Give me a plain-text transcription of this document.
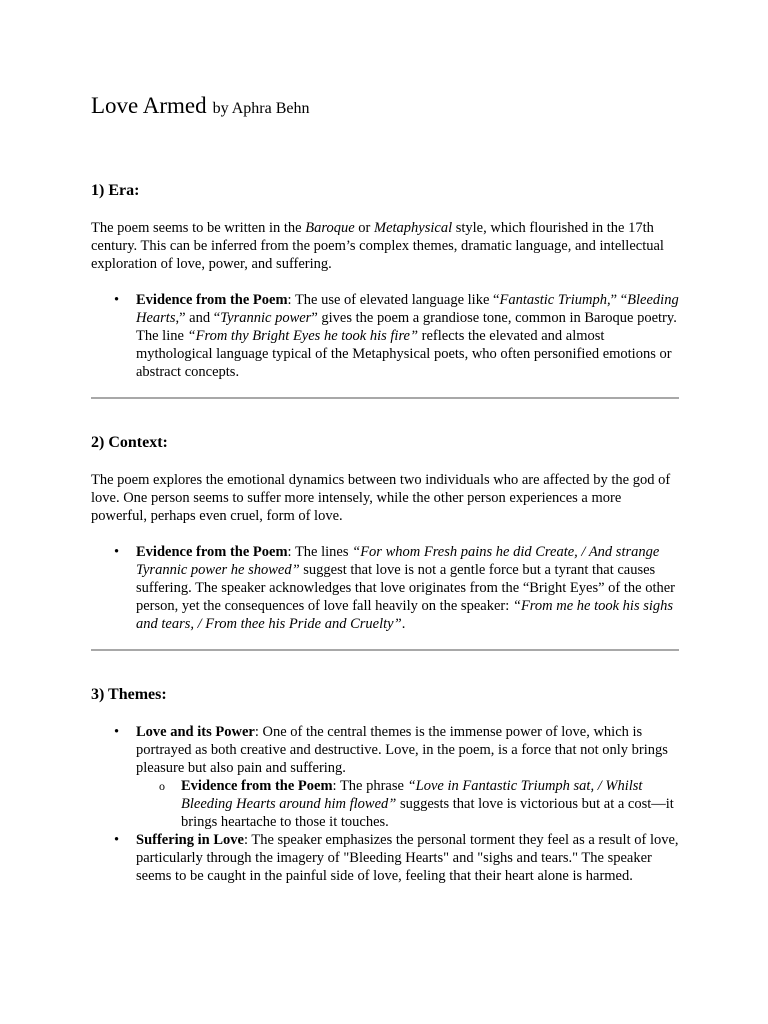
Love Armed by Aphra Behn
1) Era:

The poem seems to be written in the Baroque or Metaphysical style, which flourished in the 17th century. This can be inferred from the poem’s complex themes, dramatic language, and intellectual exploration of love, power, and suffering.

• Evidence from the Poem: The use of elevated language like “Fantastic Triumph,” “Bleeding Hearts,” and “Tyrannic power” gives the poem a grandiose tone, common in Baroque poetry. The line “From thy Bright Eyes he took his fire” reflects the elevated and almost mythological language typical of the Metaphysical poets, who often personified emotions or abstract concepts.
2) Context:

The poem explores the emotional dynamics between two individuals who are affected by the god of love. One person seems to suffer more intensely, while the other person experiences a more powerful, perhaps even cruel, form of love.

• Evidence from the Poem: The lines “For whom Fresh pains he did Create, / And strange Tyrannic power he showed” suggest that love is not a gentle force but a tyrant that causes suffering. The speaker acknowledges that love originates from the “Bright Eyes” of the other person, yet the consequences of love fall heavily on the speaker: “From me he took his sighs and tears, / From thee his Pride and Cruelty”.
3) Themes:
• Love and its Power: One of the central themes is the immense power of love, which is portrayed as both creative and destructive. Love, in the poem, is a force that not only brings pleasure but also pain and suffering.
o Evidence from the Poem: The phrase “Love in Fantastic Triumph sat, / Whilst Bleeding Hearts around him flowed” suggests that love is victorious but at a cost—it brings heartache to those it touches.
• Suffering in Love: The speaker emphasizes the personal torment they feel as a result of love, particularly through the imagery of "Bleeding Hearts" and "sighs and tears." The speaker seems to be caught in the painful side of love, feeling that their heart alone is harmed.
